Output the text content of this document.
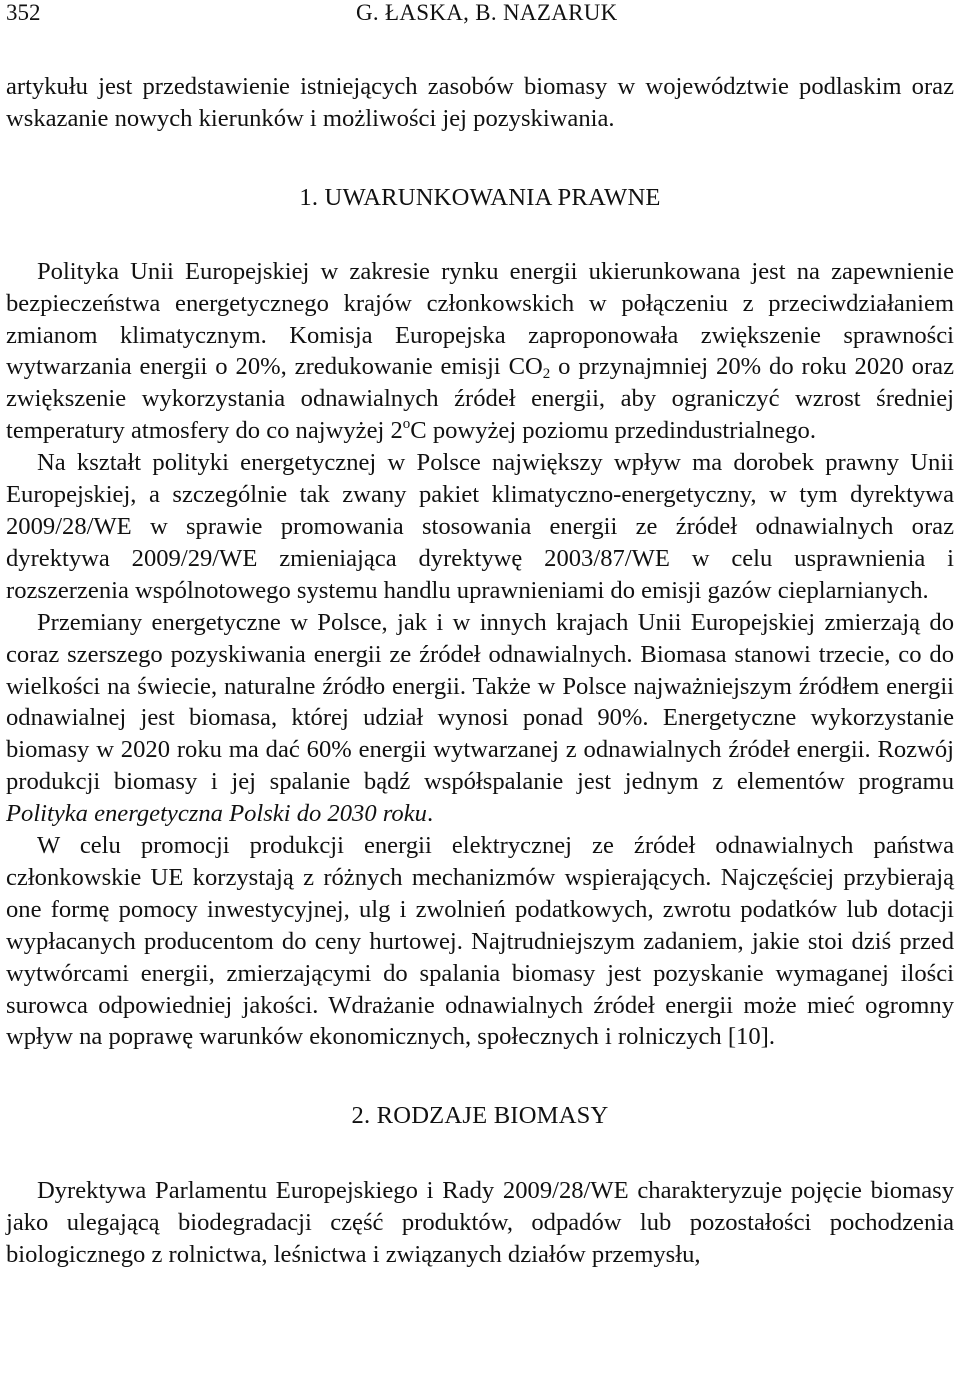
352	G. ŁASKA, B. NAZARUK

artykułu jest przedstawienie istniejących zasobów biomasy w województwie podlaskim oraz wskazanie nowych kierunków i możliwości jej pozyskiwania.

1. UWARUNKOWANIA PRAWNE

Polityka Unii Europejskiej w zakresie rynku energii ukierunkowana jest na zapewnienie bezpieczeństwa energetycznego krajów członkowskich w połączeniu z przeciwdziałaniem zmianom klimatycznym. Komisja Europejska zaproponowała zwiększenie sprawności wytwarzania energii o 20%, zredukowanie emisji $CO_2$ o przynajmniej 20% do roku 2020 oraz zwiększenie wykorzystania odnawialnych źródeł energii, aby ograniczyć wzrost średniej temperatury atmosfery do co najwyżej 2$^o$C powyżej poziomu przedindustrialnego.

Na kształt polityki energetycznej w Polsce największy wpływ ma dorobek prawny Unii Europejskiej, a szczególnie tak zwany pakiet klimatyczno-energetyczny, w tym dyrektywa 2009/28/WE w sprawie promowania stosowania energii ze źródeł odnawialnych oraz dyrektywa 2009/29/WE zmieniająca dyrektywę 2003/87/WE w celu usprawnienia i rozszerzenia wspólnotowego systemu handlu uprawnieniami do emisji gazów cieplarnianych.

Przemiany energetyczne w Polsce, jak i w innych krajach Unii Europejskiej zmierzają do coraz szerszego pozyskiwania energii ze źródeł odnawialnych. Biomasa stanowi trzecie, co do wielkości na świecie, naturalne źródło energii. Także w Polsce najważniejszym źródłem energii odnawialnej jest biomasa, której udział wynosi ponad 90%. Energetyczne wykorzystanie biomasy w 2020 roku ma dać 60% energii wytwarzanej z odnawialnych źródeł energii. Rozwój produkcji biomasy i jej spalanie bądź współspalanie jest jednym z elementów programu Polityka energetyczna Polski do 2030 roku.

W celu promocji produkcji energii elektrycznej ze źródeł odnawialnych państwa członkowskie UE korzystają z różnych mechanizmów wspierających. Najczęściej przybierają one formę pomocy inwestycyjnej, ulg i zwolnień podatkowych, zwrotu podatków lub dotacji wypłacanych producentom do ceny hurtowej. Najtrudniejszym zadaniem, jakie stoi dziś przed wytwórcami energii, zmierzającymi do spalania biomasy jest pozyskanie wymaganej ilości surowca odpowiedniej jakości. Wdrażanie odnawialnych źródeł energii może mieć ogromny wpływ na poprawę warunków ekonomicznych, społecznych i rolniczych [10].

2. RODZAJE BIOMASY

Dyrektywa Parlamentu Europejskiego i Rady 2009/28/WE charakteryzuje pojęcie biomasy jako ulegającą biodegradacji część produktów, odpadów lub pozostałości pochodzenia biologicznego z rolnictwa, leśnictwa i związanych działów przemysłu,
